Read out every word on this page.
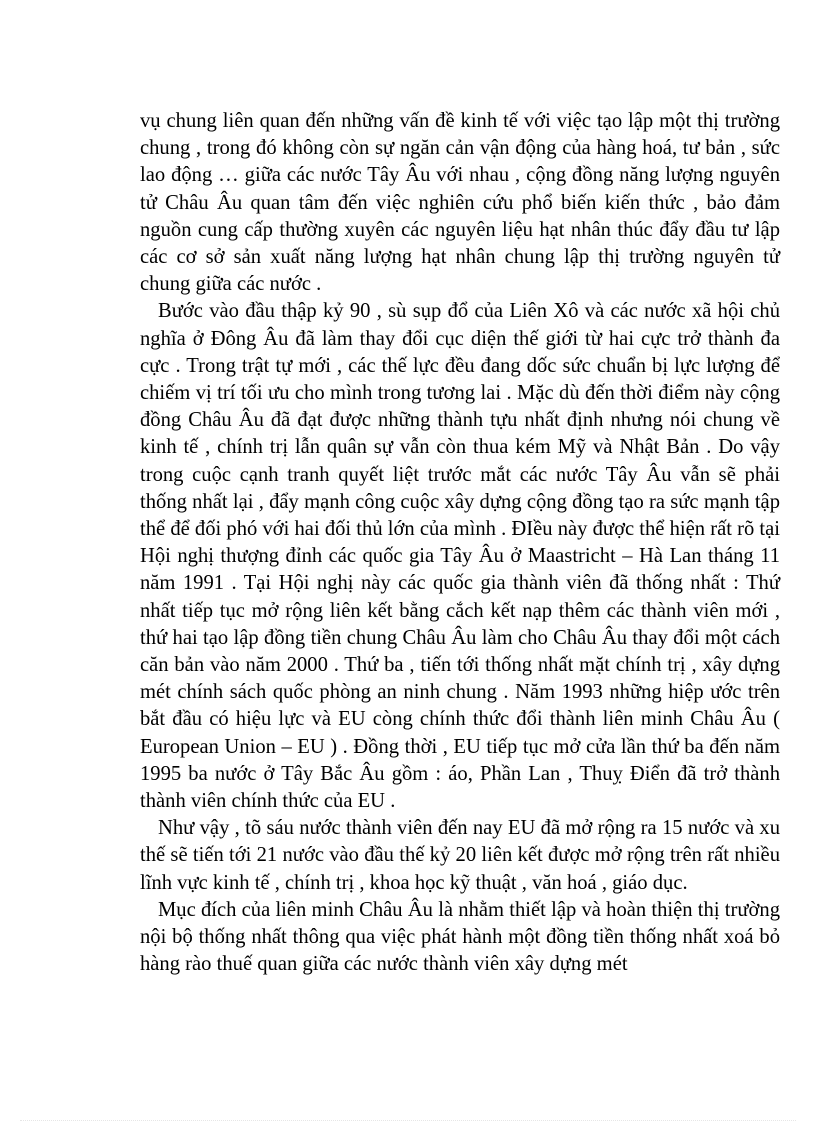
vụ chung liên quan đến những vấn đề kinh tế với việc tạo lập một thị trường chung , trong đó không còn sự ngăn cản vận động của hàng hoá, tư bản , sức lao động … giữa các nước Tây Âu với nhau , cộng đồng năng lượng nguyên tử Châu Âu quan tâm đến việc nghiên cứu phổ biến kiến thức , bảo đảm nguồn cung cấp thường xuyên các nguyên liệu hạt nhân thúc đẩy đầu tư lập các cơ sở sản xuất năng lượng hạt nhân chung lập thị trường nguyên tử chung giữa các nước .

Bước vào đầu thập kỷ 90 , sù sụp đổ của Liên Xô và các nước xã hội chủ nghĩa ở Đông Âu đã làm thay đổi cục diện thế giới từ hai cực trở thành đa cực . Trong trật tự mới , các thế lực đều đang dốc sức chuẩn bị lực lượng để chiếm vị trí tối ưu cho mình trong tương lai . Mặc dù đến thời điểm này cộng đồng Châu Âu đã đạt được những thành tựu nhất định nhưng nói chung về kinh tế , chính trị lẫn quân sự vẫn còn thua kém Mỹ và Nhật Bản . Do vậy trong cuộc cạnh tranh quyết liệt trước mắt các nước Tây Âu vẫn sẽ phải thống nhất lại , đẩy mạnh công cuộc xây dựng cộng đồng tạo ra sức mạnh tập thể để đối phó với hai đối thủ lớn của mình . ĐIều này được thể hiện rất rõ tại Hội nghị thượng đỉnh các quốc gia Tây Âu ở Maastricht – Hà Lan tháng 11 năm 1991 . Tại Hội nghị này các quốc gia thành viên đã thống nhất : Thứ nhất tiếp tục mở rộng liên kết bằng cắch kết nạp thêm các thành viên mới , thứ hai tạo lập đồng tiền chung Châu Âu làm cho Châu Âu thay đổi một cách căn bản vào năm 2000 . Thứ ba , tiến tới thống nhất mặt chính trị , xây dựng mét chính sách quốc phòng an ninh chung . Năm 1993 những hiệp ước trên bắt đầu có hiệu lực và EU còng chính thức đổi thành liên minh Châu Âu ( European Union – EU ) . Đồng thời , EU tiếp tục mở cửa lần thứ ba đến năm 1995 ba nước ở Tây Bắc Âu gồm : áo, Phần Lan , Thuỵ Điển đã trở thành thành viên chính thức của EU .

Như vậy , tõ sáu nước thành viên đến nay EU đã mở rộng ra 15 nước và xu thế sẽ tiến tới 21 nước vào đầu thế kỷ 20 liên kết được mở rộng trên rất nhiều lĩnh vực kinh tế , chính trị , khoa học kỹ thuật , văn hoá , giáo dục.

Mục đích của liên minh Châu Âu là nhằm thiết lập và hoàn thiện thị trường nội bộ thống nhất thông qua việc phát hành một đồng tiền thống nhất xoá bỏ hàng rào thuế quan giữa các nước thành viên xây dựng mét
